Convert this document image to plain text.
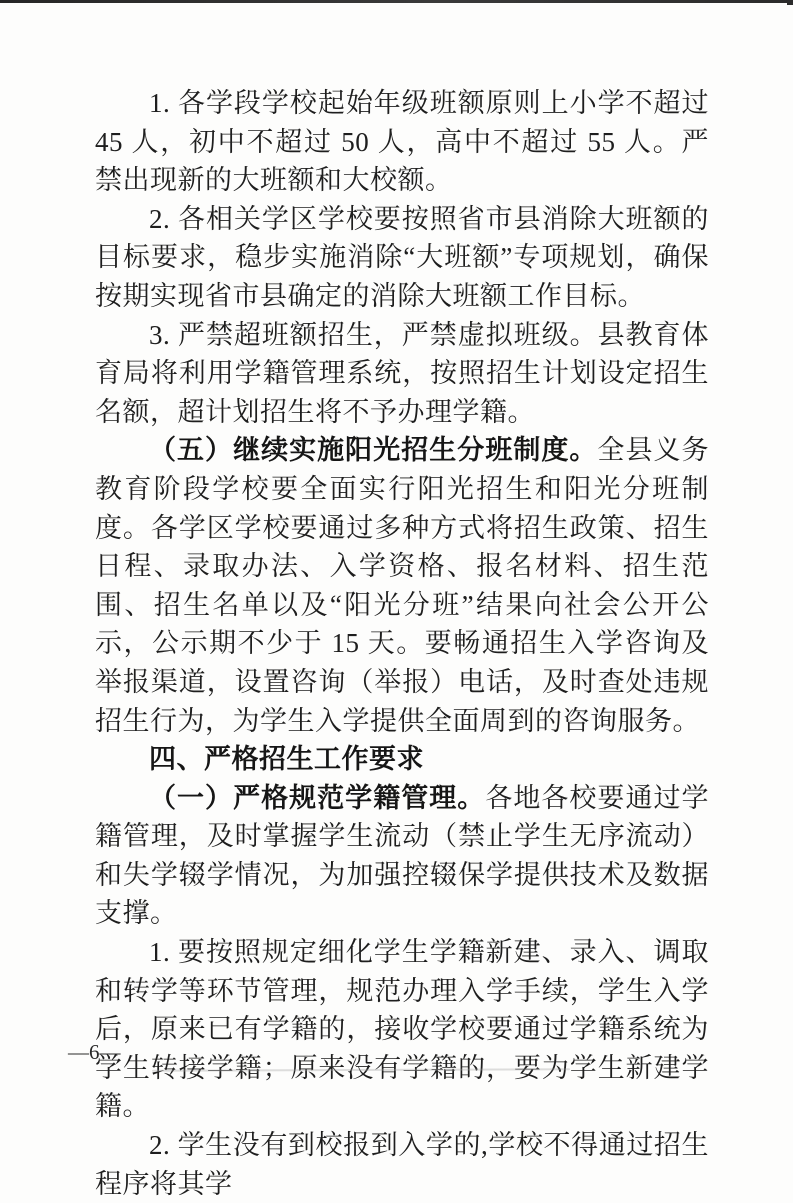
1. 各学段学校起始年级班额原则上小学不超过 45 人，初中不超过 50 人，高中不超过 55 人。严禁出现新的大班额和大校额。

2. 各相关学区学校要按照省市县消除大班额的目标要求，稳步实施消除“大班额”专项规划，确保按期实现省市县确定的消除大班额工作目标。

3. 严禁超班额招生，严禁虚拟班级。县教育体育局将利用学籍管理系统，按照招生计划设定招生名额，超计划招生将不予办理学籍。

（五）继续实施阳光招生分班制度。全县义务教育阶段学校要全面实行阳光招生和阳光分班制度。各学区学校要通过多种方式将招生政策、招生日程、录取办法、入学资格、报名材料、招生范围、招生名单以及“阳光分班”结果向社会公开公示，公示期不少于 15 天。要畅通招生入学咨询及举报渠道，设置咨询（举报）电话，及时查处违规招生行为，为学生入学提供全面周到的咨询服务。

四、严格招生工作要求

（一）严格规范学籍管理。各地各校要通过学籍管理，及时掌握学生流动（禁止学生无序流动）和失学辍学情况，为加强控辍保学提供技术及数据支撑。

1. 要按照规定细化学生学籍新建、录入、调取和转学等环节管理，规范办理入学手续，学生入学后，原来已有学籍的，接收学校要通过学籍系统为学生转接学籍；原来没有学籍的，要为学生新建学籍。

2. 学生没有到校报到入学的,学校不得通过招生程序将其学

—6—
